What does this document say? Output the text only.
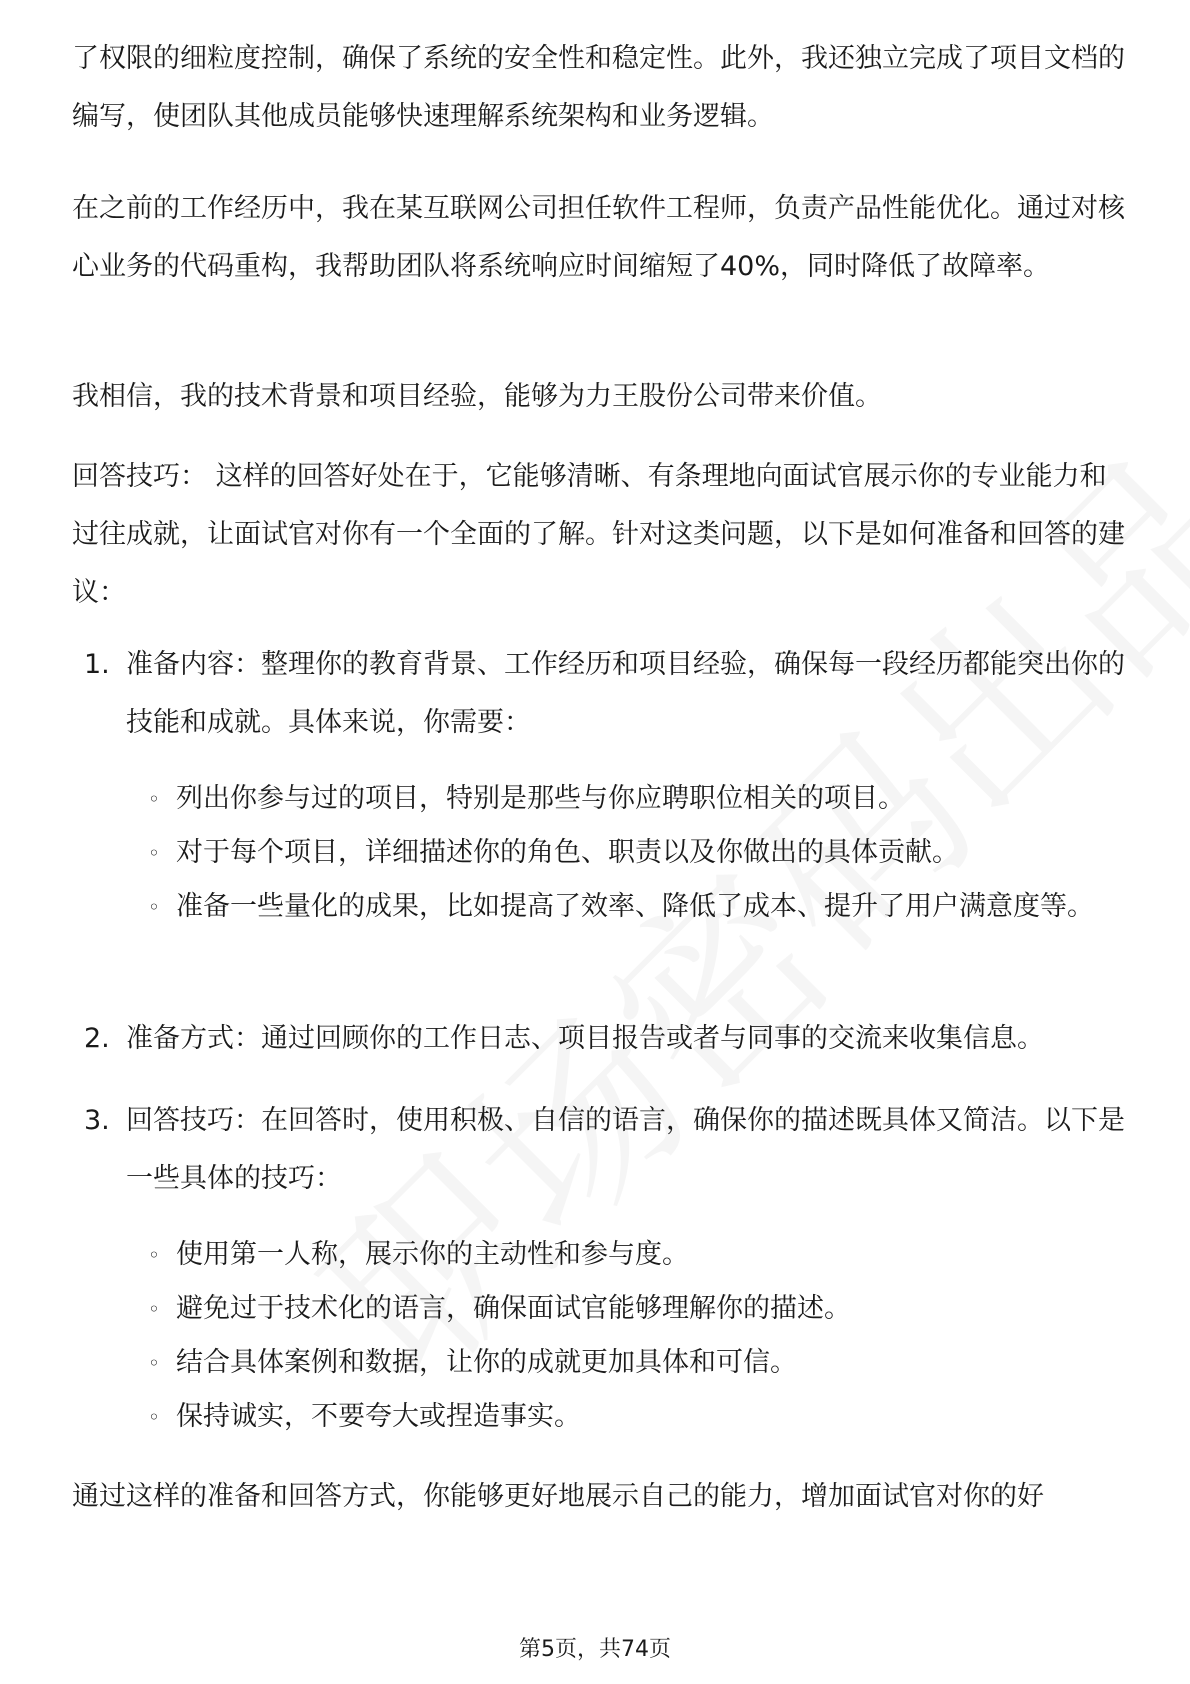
了权限的细粒度控制，确保了系统的安全性和稳定性。此外，我还独立完成了项目文档的编写，使团队其他成员能够快速理解系统架构和业务逻辑。

在之前的工作经历中，我在某互联网公司担任软件工程师，负责产品性能优化。通过对核心业务的代码重构，我帮助团队将系统响应时间缩短了40%，同时降低了故障率。

我相信，我的技术背景和项目经验，能够为力王股份公司带来价值。

回答技巧： 这样的回答好处在于，它能够清晰、有条理地向面试官展示你的专业能力和过往成就，让面试官对你有一个全面的了解。针对这类问题，以下是如何准备和回答的建议：

1. 准备内容：整理你的教育背景、工作经历和项目经验，确保每一段经历都能突出你的技能和成就。具体来说，你需要：
◦ 列出你参与过的项目，特别是那些与你应聘职位相关的项目。
◦ 对于每个项目，详细描述你的角色、职责以及你做出的具体贡献。
◦ 准备一些量化的成果，比如提高了效率、降低了成本、提升了用户满意度等。
2. 准备方式：通过回顾你的工作日志、项目报告或者与同事的交流来收集信息。
3. 回答技巧：在回答时，使用积极、自信的语言，确保你的描述既具体又简洁。以下是一些具体的技巧：
◦ 使用第一人称，展示你的主动性和参与度。
◦ 避免过于技术化的语言，确保面试官能够理解你的描述。
◦ 结合具体案例和数据，让你的成就更加具体和可信。
◦ 保持诚实，不要夸大或捏造事实。

通过这样的准备和回答方式，你能够更好地展示自己的能力，增加面试官对你的好

第5页，共74页
